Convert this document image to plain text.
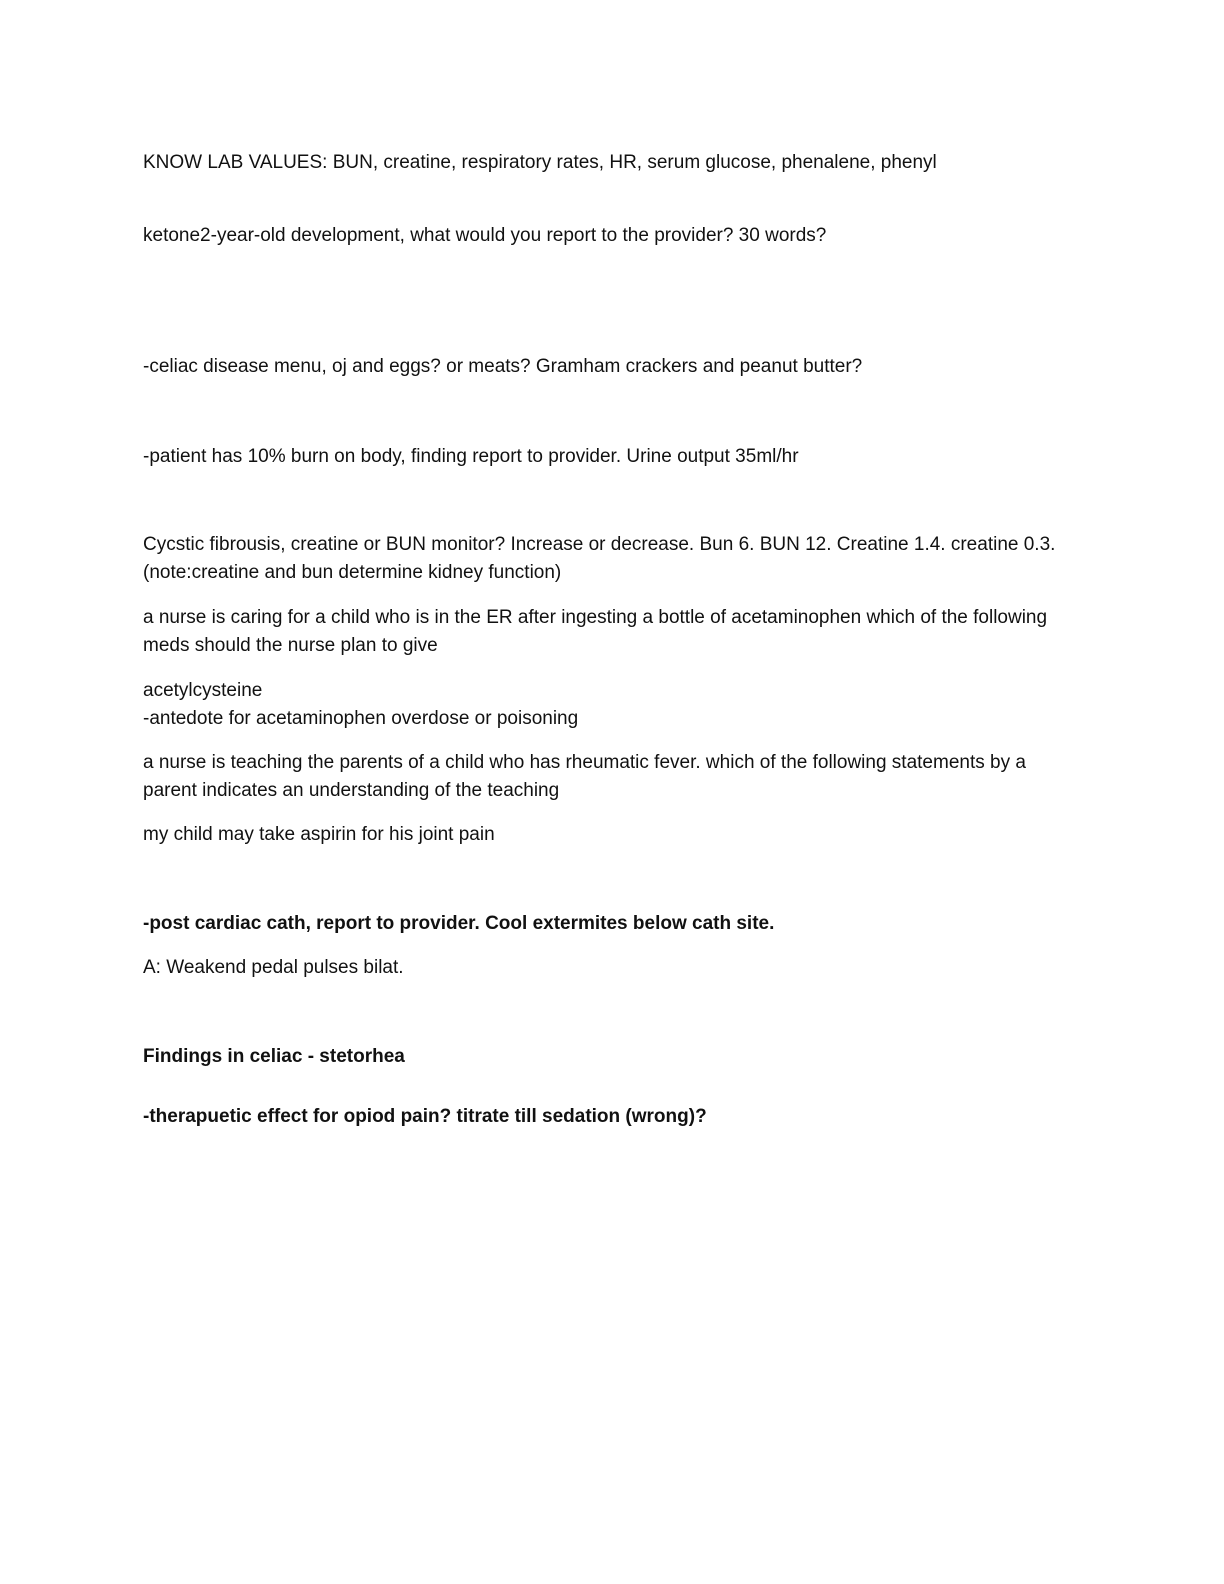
KNOW LAB VALUES: BUN, creatine, respiratory rates, HR, serum glucose, phenalene, phenyl
ketone2-year-old development, what would you report to the provider? 30 words?
-celiac disease menu, oj and eggs? or meats? Gramham crackers and peanut butter?
-patient has 10% burn on body, finding report to provider. Urine output 35ml/hr
Cycstic fibrousis, creatine or BUN monitor? Increase or decrease. Bun 6. BUN 12. Creatine 1.4. creatine 0.3. (note:creatine and bun determine kidney function)
a nurse is caring for a child who is in the ER after ingesting a bottle of acetaminophen which of the following meds should the nurse plan to give
acetylcysteine
-antedote for acetaminophen overdose or poisoning
a nurse is teaching the parents of a child who has rheumatic fever. which of the following statements by a parent indicates an understanding of the teaching
my child may take aspirin for his joint pain
-post cardiac cath, report to provider. Cool extermites below cath site.
A: Weakend pedal pulses bilat.
Findings in celiac - stetorhea
-therapuetic effect for opiod pain? titrate till sedation (wrong)?
